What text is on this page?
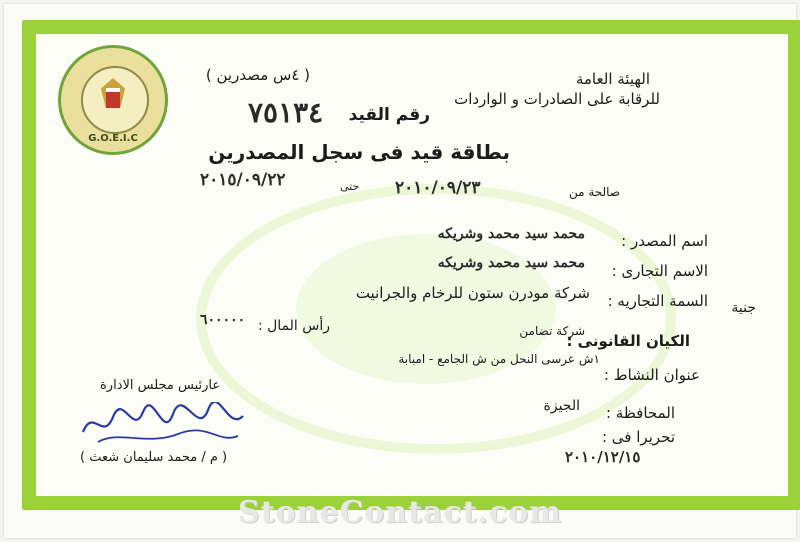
G.O.E.I.C
الهيئة العامة
للرقابة على الصادرات و الواردات
( ٤س مصدرين )
رقم القيد
٧٥١٣٤
بطاقة قيد فى سجل المصدرين
صالحة من
٢٠١٠/٠٩/٢٣
حتى
٢٠١٥/٠٩/٢٢
اسم المصدر :
محمد سيد محمد وشريكه
الاسم التجارى :
محمد سيد محمد وشريكه
السمة التجاريه :
شركة مودرن ستون للرخام والجرانيت
الكيان القانونى :
شركة تضامن
رأس المال :
٦٠٠٠٠٠
جنية
عنوان النشاط :
١ش عرسى النحل من ش الجامع - امبابة
المحافظة :
الجيزة
تحريرا فى :
٢٠١٠/١٢/١٥
عارئيس مجلس الادارة
( م / محمد سليمان شعث )
StoneContact.com
